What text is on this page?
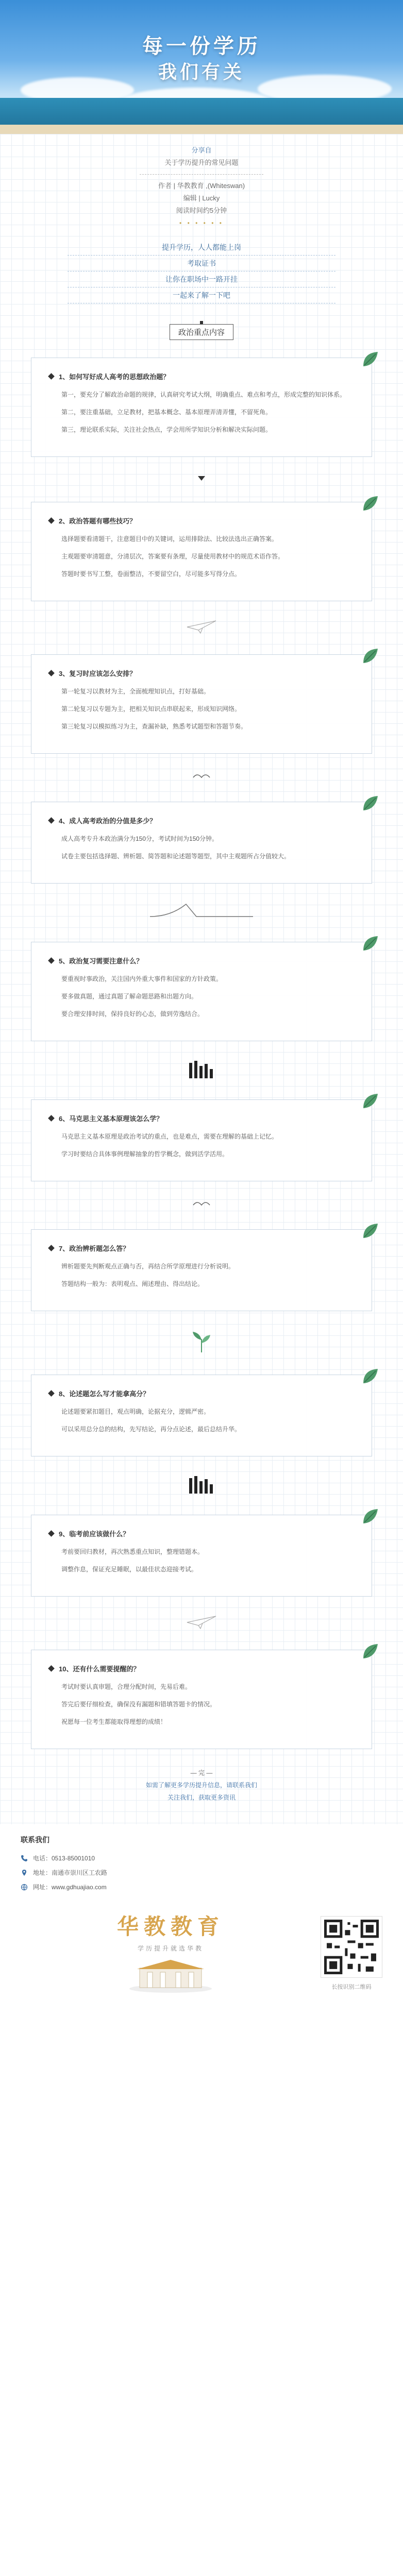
每一份学历
我们有关
分享自
关于学历提升的常见问题
作者 | 华教教育 ,(Whiteswan)
编辑 | Lucky
阅读时间约5分钟
• • • • • •
提升学历，人人都能上岗
考取证书
让你在职场中一路开挂
一起来了解一下吧
政治重点内容
1、如何写好成人高考的思想政治题？

第一，要充分了解政治命题的规律，认真研究考试大纲，明确重点、难点和考点，形成完整的知识体系。

第二，要注重基础，立足教材，把基本概念、基本原理弄清弄懂，不留死角。

第三，理论联系实际，关注社会热点，学会用所学知识分析和解决实际问题。

2、政治答题有哪些技巧？

选择题要看清题干，注意题目中的关键词，运用排除法、比较法选出正确答案。

主观题要审清题意，分清层次，答案要有条理，尽量使用教材中的规范术语作答。

答题时要书写工整，卷面整洁，不要留空白，尽可能多写得分点。

3、复习时应该怎么安排？

第一轮复习以教材为主，全面梳理知识点，打好基础。

第二轮复习以专题为主，把相关知识点串联起来，形成知识网络。

第三轮复习以模拟练习为主，查漏补缺，熟悉考试题型和答题节奏。

4、成人高考政治的分值是多少？

成人高考专升本政治满分为150分，考试时间为150分钟。

试卷主要包括选择题、辨析题、简答题和论述题等题型，其中主观题所占分值较大。

5、政治复习需要注意什么？

要重视时事政治，关注国内外重大事件和国家的方针政策。

要多做真题，通过真题了解命题思路和出题方向。

要合理安排时间，保持良好的心态，做到劳逸结合。

6、马克思主义基本原理该怎么学？

马克思主义基本原理是政治考试的重点，也是难点，需要在理解的基础上记忆。

学习时要结合具体事例理解抽象的哲学概念，做到活学活用。

7、政治辨析题怎么答？

辨析题要先判断观点正确与否，再结合所学原理进行分析说明。

答题结构一般为：表明观点、阐述理由、得出结论。

8、论述题怎么写才能拿高分？

论述题要紧扣题目，观点明确，论据充分，逻辑严密。

可以采用总分总的结构，先写结论，再分点论述，最后总结升华。

9、临考前应该做什么？

考前要回归教材，再次熟悉重点知识，整理错题本。

调整作息，保证充足睡眠，以最佳状态迎接考试。

10、还有什么需要提醒的？

考试时要认真审题，合理分配时间，先易后难。

答完后要仔细检查，确保没有漏题和错填答题卡的情况。

祝愿每一位考生都能取得理想的成绩！

— 完 —
如需了解更多学历提升信息，请联系我们
关注我们，获取更多资讯
联系我们
电话：0513-85001010
地址：南通市崇川区工农路
网址：www.gdhuajiao.com
华教教育
学历提升就选华教
长按识别二维码
